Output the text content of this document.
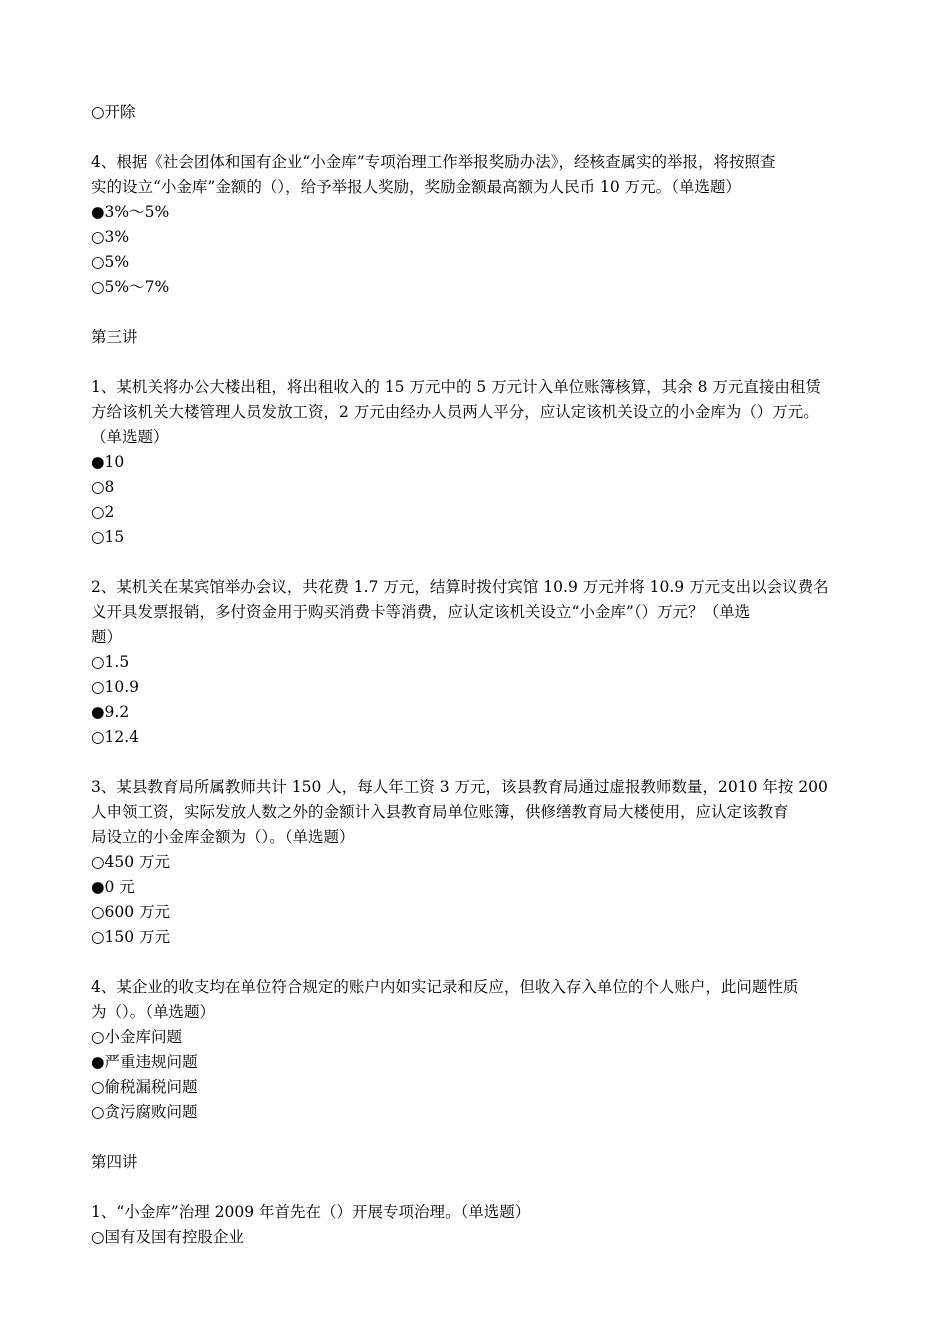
○开除
4、根据《社会团体和国有企业“小金库”专项治理工作举报奖励办法》，经核查属实的举报，将按照查
实的设立“小金库”金额的（），给予举报人奖励，奖励金额最高额为人民币 10 万元。（单选题）
●3%～5%
○3%
○5%
○5%～7%
第三讲
1、某机关将办公大楼出租，将出租收入的 15 万元中的 5 万元计入单位账簿核算，其余 8 万元直接由租赁
方给该机关大楼管理人员发放工资，2 万元由经办人员两人平分，应认定该机关设立的小金库为（）万元。
（单选题）
●10
○8
○2
○15
2、某机关在某宾馆举办会议，共花费 1.7 万元，结算时拨付宾馆 10.9 万元并将 10.9 万元支出以会议费名
义开具发票报销，多付资金用于购买消费卡等消费，应认定该机关设立“小金库”（）万元？（单选
题）
○1.5
○10.9
●9.2
○12.4
3、某县教育局所属教师共计 150 人，每人年工资 3 万元，该县教育局通过虚报教师数量，2010 年按 200
人申领工资，实际发放人数之外的金额计入县教育局单位账簿，供修缮教育局大楼使用，应认定该教育
局设立的小金库金额为（）。（单选题）
○450 万元
●0 元
○600 万元
○150 万元
4、某企业的收支均在单位符合规定的账户内如实记录和反应，但收入存入单位的个人账户，此问题性质
为（）。（单选题）
○小金库问题
●严重违规问题
○偷税漏税问题
○贪污腐败问题
第四讲
1、“小金库”治理 2009 年首先在（）开展专项治理。（单选题）
○国有及国有控股企业
